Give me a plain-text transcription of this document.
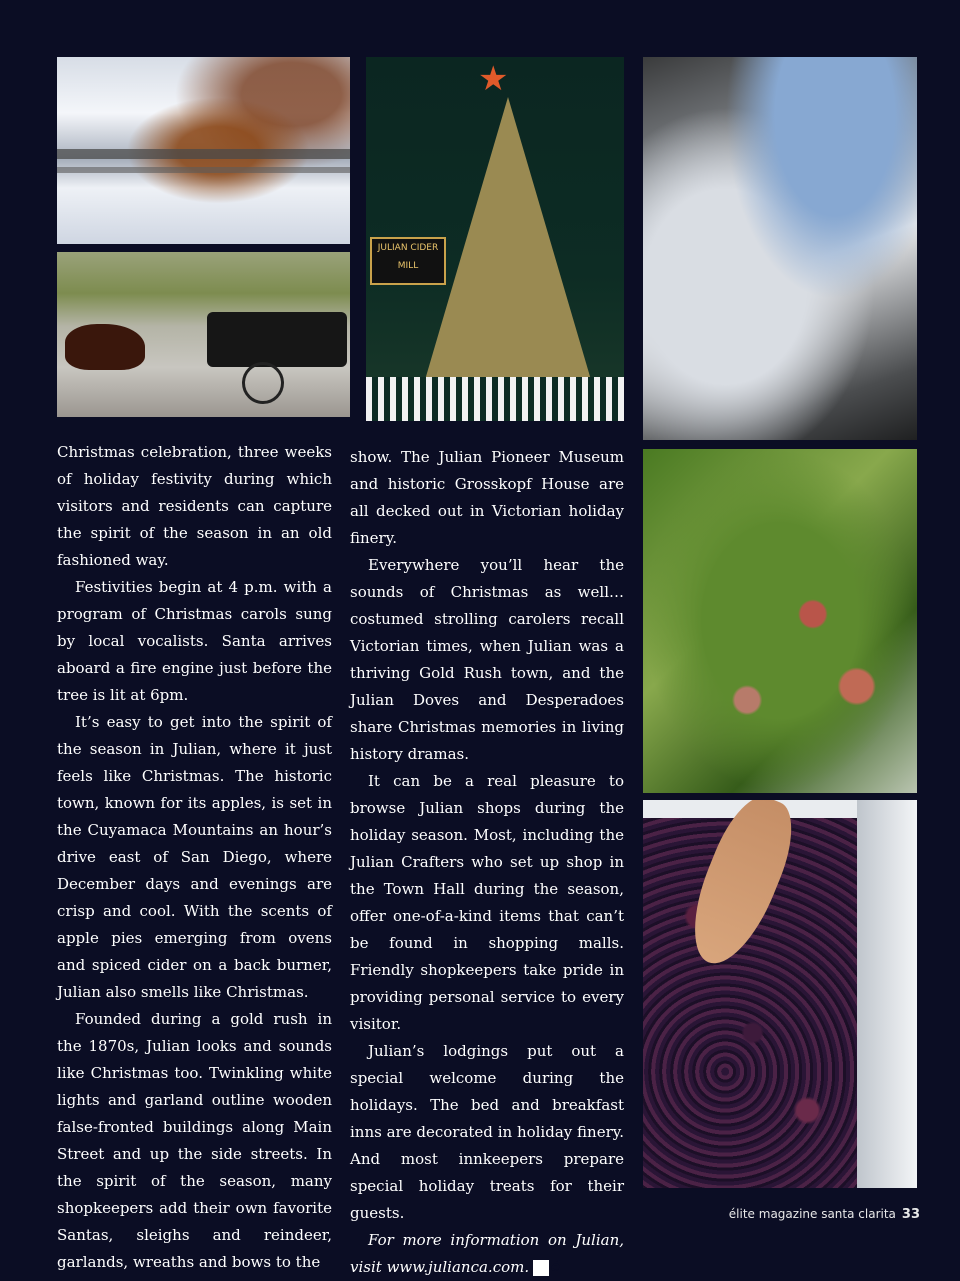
★
JULIAN CIDER MILL

Christmas celebration, three weeks of holiday festivity during which visitors and residents can capture the spirit of the season in an old fashioned way.

Festivities begin at 4 p.m. with a program of Christmas carols sung by local vocalists. Santa arrives aboard a fire engine just before the tree is lit at 6pm.

It’s easy to get into the spirit of the season in Julian, where it just feels like Christmas. The historic town, known for its apples, is set in the Cuyamaca Mountains an hour’s drive east of San Diego, where December days and evenings are crisp and cool. With the scents of apple pies emerging from ovens and spiced cider on a back burner, Julian also smells like Christmas.

Founded during a gold rush in the 1870s, Julian looks and sounds like Christmas too. Twinkling white lights and garland outline wooden false-fronted buildings along Main Street and up the side streets. In the spirit of the season, many shopkeepers add their own favorite Santas, sleighs and reindeer, garlands, wreaths and bows to the

show. The Julian Pioneer Museum and historic Grosskopf House are all decked out in Victorian holiday finery.

Everywhere you’ll hear the sounds of Christmas as well…costumed strolling carolers recall Victorian times, when Julian was a thriving Gold Rush town, and the Julian Doves and Desperadoes share Christmas memories in living history dramas.

It can be a real pleasure to browse Julian shops during the holiday season. Most, including the Julian Crafters who set up shop in the Town Hall during the season, offer one-of-a-kind items that can’t be found in shopping malls. Friendly shopkeepers take pride in providing personal service to every visitor.

Julian’s lodgings put out a special welcome during the holidays. The bed and breakfast inns are decorated in holiday finery. And most innkeepers prepare special holiday treats for their guests.

For more information on Julian, visit www.julianca.com. é

élite magazine santa clarita 33
